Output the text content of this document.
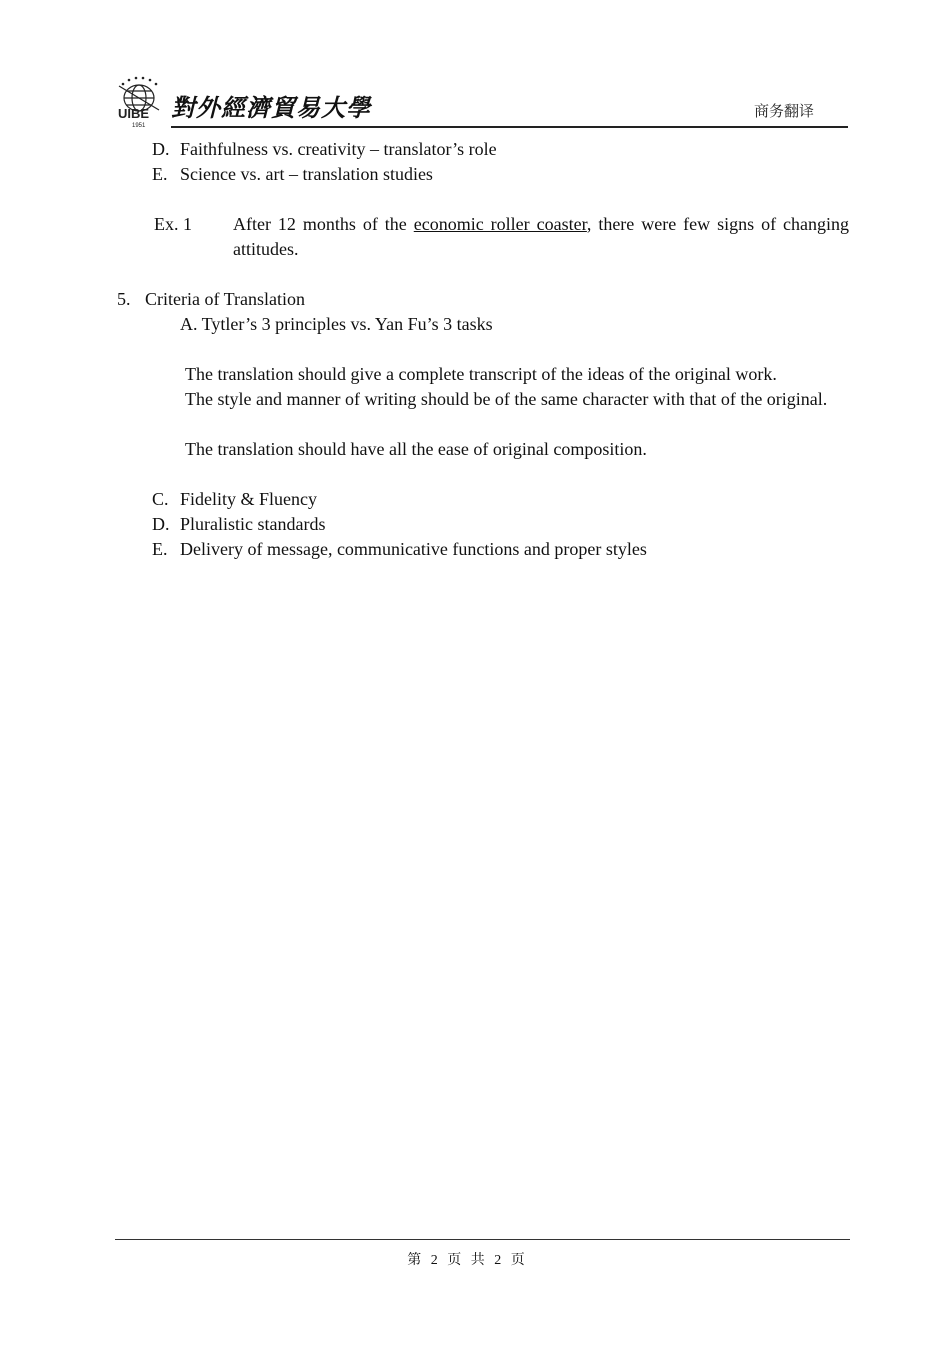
UIBE
1951
對外經濟貿易大學	商务翻译
D. Faithfulness vs. creativity – translator’s role
E. Science vs. art – translation studies
Ex. 1 After 12 months of the economic roller coaster, there were few signs of changing attitudes.
5. Criteria of Translation
A. Tytler’s 3 principles vs. Yan Fu’s 3 tasks
The translation should give a complete transcript of the ideas of the original work.
The style and manner of writing should be of the same character with that of the original.
The translation should have all the ease of original composition.
C. Fidelity & Fluency
D. Pluralistic standards
E. Delivery of message, communicative functions and proper styles
第 2 页 共 2 页
